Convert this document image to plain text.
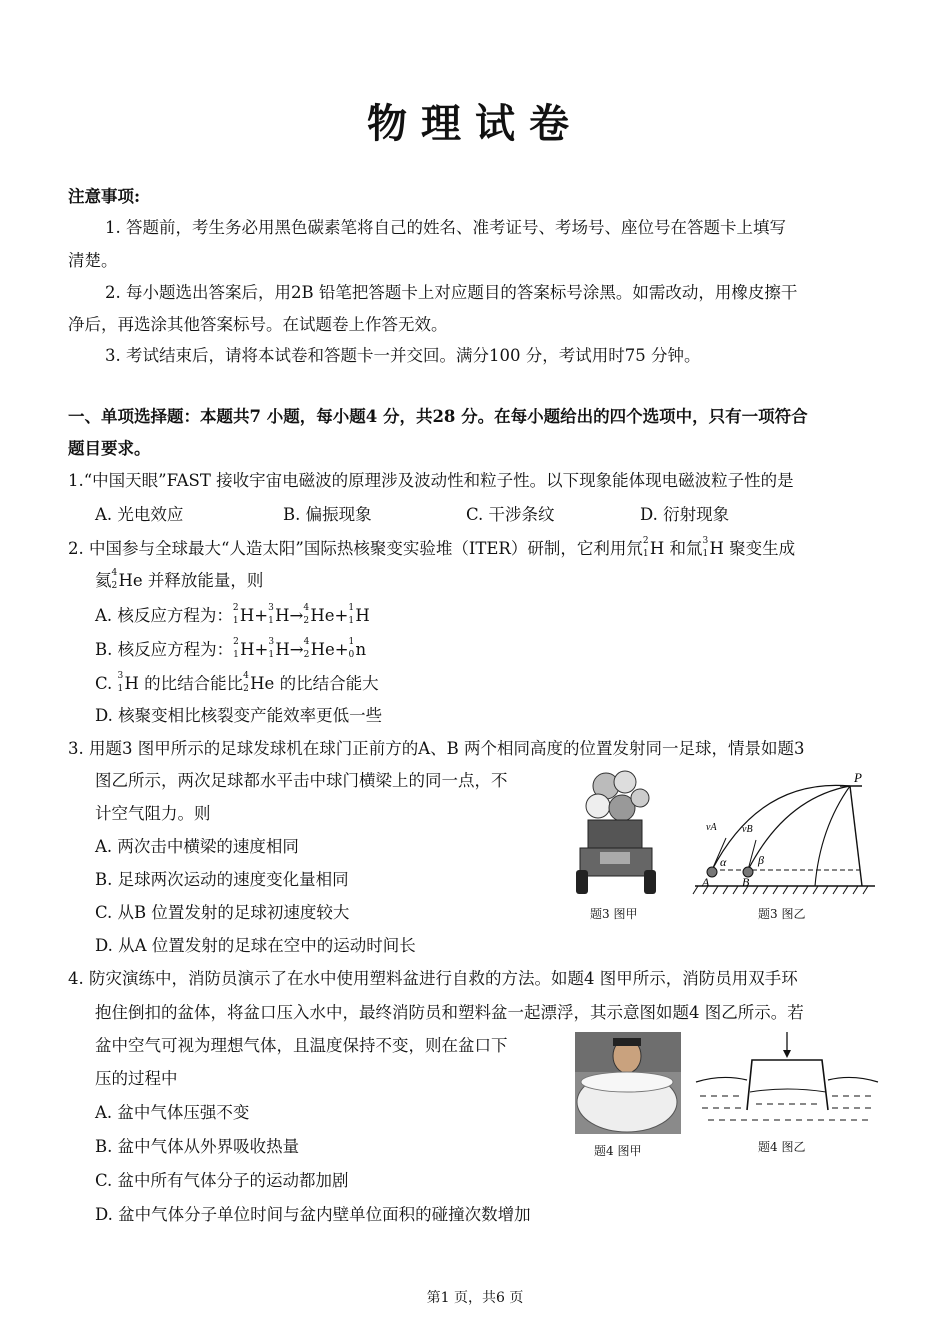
物理试卷
注意事项:
1. 答题前，考生务必用黑色碳素笔将自己的姓名、准考证号、考场号、座位号在答题卡上填写
清楚。
2. 每小题选出答案后，用2B 铅笔把答题卡上对应题目的答案标号涂黑。如需改动，用橡皮擦干
净后，再选涂其他答案标号。在试题卷上作答无效。
3. 考试结束后，请将本试卷和答题卡一并交回。满分100 分，考试用时75 分钟。
一、单项选择题：本题共7 小题，每小题4 分，共28 分。在每小题给出的四个选项中，只有一项符合
题目要求。
1.“中国天眼”FAST 接收宇宙电磁波的原理涉及波动性和粒子性。以下现象能体现电磁波粒子性的是
A. 光电效应	B. 偏振现象	C. 干涉条纹	D. 衍射现象
2. 中国参与全球最大“人造太阳”国际热核聚变实验堆（ITER）研制，它利用氘 2
1 H 和氚 3
1 H 聚变生成
氦 4
2 He 并释放能量，则
A. 核反应方程为： 2
1 H+ 3
1 H→ 4
2 He+ 1
1 H
B. 核反应方程为： 2
1 H+ 3
1 H→ 4
2 He+ 1
0 n
C. 3
1 H 的比结合能比 4
2 He 的比结合能大
D. 核聚变相比核裂变产能效率更低一些
3. 用题3 图甲所示的足球发球机在球门正前方的A、B 两个相同高度的位置发射同一足球，情景如题3
图乙所示，两次足球都水平击中球门横梁上的同一点，不
计空气阻力。则
A. 两次击中横梁的速度相同
B. 足球两次运动的速度变化量相同
C. 从B 位置发射的足球初速度较大
D. 从A 位置发射的足球在空中的运动时间长
题3 图甲
P
vA	vB
α	β
A	B
题3 图乙
4. 防灾演练中，消防员演示了在水中使用塑料盆进行自救的方法。如题4 图甲所示，消防员用双手环
抱住倒扣的盆体，将盆口压入水中，最终消防员和塑料盆一起漂浮，其示意图如题4 图乙所示。若
盆中空气可视为理想气体，且温度保持不变，则在盆口下
压的过程中
A. 盆中气体压强不变
B. 盆中气体从外界吸收热量
C. 盆中所有气体分子的运动都加剧
D. 盆中气体分子单位时间与盆内壁单位面积的碰撞次数增加
题4 图甲	题4 图乙
第1 页，共6 页
